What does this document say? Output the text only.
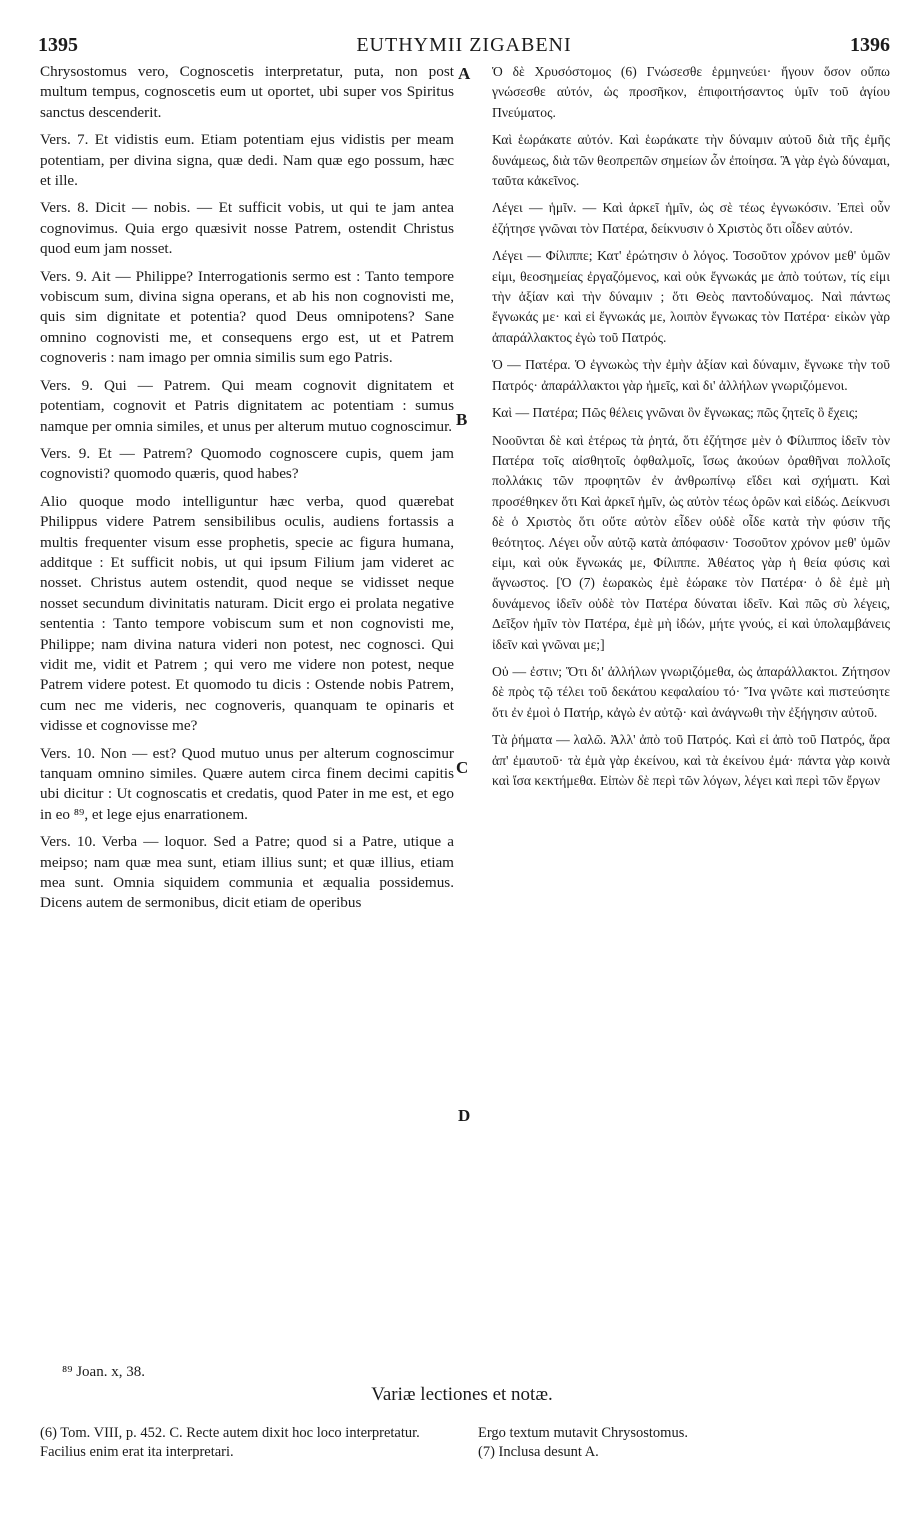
1395	EUTHYMII ZIGABENI	1396

Chrysostomus vero, Cognoscetis interpretatur, puta, non post multum tempus, cognoscetis eum ut oportet, ubi super vos Spiritus sanctus descenderit.

Vers. 7. Et vidistis eum. Etiam potentiam ejus vidistis per meam potentiam, per divina signa, quæ dedi. Nam quæ ego possum, hæc et ille.

Vers. 8. Dicit — nobis. — Et sufficit vobis, ut qui te jam antea cognovimus. Quia ergo quæsivit nosse Patrem, ostendit Christus quod eum jam nosset.

Vers. 9. Ait — Philippe? Interrogationis sermo est : Tanto tempore vobiscum sum, divina signa operans, et ab his non cognovisti me, quis sim dignitate et potentia? quod Deus omnipotens? Sane omnino cognovisti me, et consequens ergo est, ut et Patrem cognoveris : nam imago per omnia similis sum ego Patris.

Vers. 9. Qui — Patrem. Qui meam cognovit dignitatem et potentiam, cognovit et Patris dignitatem ac potentiam : sumus namque per omnia similes, et unus per alterum mutuo cognoscimur.

Vers. 9. Et — Patrem? Quomodo cognoscere cupis, quem jam cognovisti? quomodo quæris, quod habes?

Alio quoque modo intelliguntur hæc verba, quod quærebat Philippus videre Patrem sensibilibus oculis, audiens fortassis a multis frequenter visum esse prophetis, specie ac figura humana, additque : Et sufficit nobis, ut qui ipsum Filium jam videret ac nosset. Christus autem ostendit, quod neque se vidisset neque nosset secundum divinitatis naturam. Dicit ergo ei prolata negative sententia : Tanto tempore vobiscum sum et non cognovisti me, Philippe; nam divina natura videri non potest, nec cognosci. Qui vidit me, vidit et Patrem ; qui vero me videre non potest, neque Patrem videre potest. Et quomodo tu dicis : Ostende nobis Patrem, cum nec me videris, nec cognoveris, quanquam te opinaris et vidisse et cognovisse me?

Vers. 10. Non — est? Quod mutuo unus per alterum cognoscimur tanquam omnino similes. Quære autem circa finem decimi capitis ubi dicitur : Ut cognoscatis et credatis, quod Pater in me est, et ego in eo ⁸⁹, et lege ejus enarrationem.

Vers. 10. Verba — loquor. Sed a Patre; quod si a Patre, utique a meipso; nam quæ mea sunt, etiam illius sunt; et quæ illius, etiam mea sunt. Omnia siquidem communia et æqualia possidemus. Dicens autem de sermonibus, dicit etiam de operibus

Ὁ δὲ Χρυσόστομος (6) Γνώσεσθε ἑρμηνεύει· ἤγουν ὅσον οὔπω γνώσεσθε αὐτόν, ὡς προσῆκον, ἐπιφοιτήσαντος ὑμῖν τοῦ ἁγίου Πνεύματος.

Καὶ ἑωράκατε αὐτόν. Καὶ ἑωράκατε τὴν δύναμιν αὐτοῦ διὰ τῆς ἐμῆς δυνάμεως, διὰ τῶν θεοπρεπῶν σημείων ὧν ἐποίησα. Ἃ γὰρ ἐγὼ δύναμαι, ταῦτα κἀκεῖνος.

Λέγει — ἡμῖν. — Καὶ ἀρκεῖ ἡμῖν, ὡς σὲ τέως ἐγνωκόσιν. Ἐπεὶ οὖν ἐζήτησε γνῶναι τὸν Πατέρα, δείκνυσιν ὁ Χριστὸς ὅτι οἶδεν αὐτόν.

Λέγει — Φίλιππε; Κατ' ἐρώτησιν ὁ λόγος. Τοσοῦτον χρόνον μεθ' ὑμῶν εἰμι, θεοσημείας ἐργαζόμενος, καὶ οὐκ ἔγνωκάς με ἀπὸ τούτων, τίς εἰμι τὴν ἀξίαν καὶ τὴν δύναμιν ; ὅτι Θεὸς παντοδύναμος. Ναὶ πάντως ἔγνωκάς με· καὶ εἰ ἔγνωκάς με, λοιπὸν ἔγνωκας τὸν Πατέρα· εἰκὼν γὰρ ἀπαράλλακτος ἐγὼ τοῦ Πατρός.

Ὁ — Πατέρα. Ὁ ἐγνωκὼς τὴν ἐμὴν ἀξίαν καὶ δύναμιν, ἔγνωκε τὴν τοῦ Πατρός· ἀπαράλλακτοι γὰρ ἡμεῖς, καὶ δι' ἀλλήλων γνωριζόμενοι.

Καὶ — Πατέρα; Πῶς θέλεις γνῶναι ὃν ἔγνωκας; πῶς ζητεῖς ὃ ἔχεις;

Νοοῦνται δὲ καὶ ἑτέρως τὰ ῥητά, ὅτι ἐζήτησε μὲν ὁ Φίλιππος ἰδεῖν τὸν Πατέρα τοῖς αἰσθητοῖς ὀφθαλμοῖς, ἴσως ἀκούων ὀραθῆναι πολλοῖς πολλάκις τῶν προφητῶν ἐν ἀνθρωπίνῳ εἴδει καὶ σχήματι. Καὶ προσέθηκεν ὅτι Καὶ ἀρκεῖ ἡμῖν, ὡς αὐτὸν τέως ὁρῶν καὶ εἰδώς. Δείκνυσι δὲ ὁ Χριστὸς ὅτι οὔτε αὐτὸν εἶδεν οὐδὲ οἶδε κατὰ τὴν φύσιν τῆς θεότητος. Λέγει οὖν αὐτῷ κατὰ ἀπόφασιν· Τοσοῦτον χρόνον μεθ' ὑμῶν εἰμι, καὶ οὐκ ἔγνωκάς με, Φίλιππε. Ἀθέατος γὰρ ἡ θεία φύσις καὶ ἄγνωστος. [Ὁ (7) ἑωρακὼς ἐμὲ ἑώρακε τὸν Πατέρα· ὁ δὲ ἐμὲ μὴ δυνάμενος ἰδεῖν οὐδὲ τὸν Πατέρα δύναται ἰδεῖν. Καὶ πῶς σὺ λέγεις, Δεῖξον ἡμῖν τὸν Πατέρα, ἐμὲ μὴ ἰδών, μήτε γνούς, εἰ καὶ ὑπολαμβάνεις ἰδεῖν καὶ γνῶναι με;]

Οὐ — ἐστιν; Ὅτι δι' ἀλλήλων γνωριζόμεθα, ὡς ἀπαράλλακτοι. Ζήτησον δὲ πρὸς τῷ τέλει τοῦ δεκάτου κεφαλαίου τό· Ἵνα γνῶτε καὶ πιστεύσητε ὅτι ἐν ἐμοὶ ὁ Πατήρ, κἀγὼ ἐν αὐτῷ· καὶ ἀνάγνωθι τὴν ἐξήγησιν αὐτοῦ.

Τὰ ῥήματα — λαλῶ. Ἀλλ' ἀπὸ τοῦ Πατρός. Καὶ εἰ ἀπὸ τοῦ Πατρός, ἄρα ἀπ' ἐμαυτοῦ· τὰ ἐμὰ γὰρ ἐκείνου, καὶ τὰ ἐκείνου ἐμά· πάντα γὰρ κοινὰ καὶ ἴσα κεκτήμεθα. Εἰπὼν δὲ περὶ τῶν λόγων, λέγει καὶ περὶ τῶν ἔργων

A
B
C
D
⁸⁹ Joan. x, 38.
Variæ lectiones et notæ.
(6) Tom. VIII, p. 452. C. Recte autem dixit hoc loco interpretatur. Facilius enim erat ita interpretari.
Ergo textum mutavit Chrysostomus.
(7) Inclusa desunt A.
